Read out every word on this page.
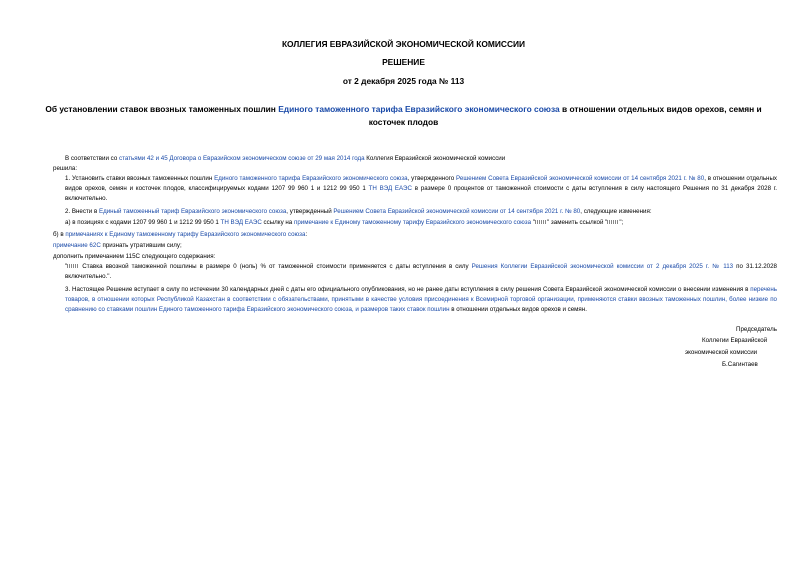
КОЛЛЕГИЯ ЕВРАЗИЙСКОЙ ЭКОНОМИЧЕСКОЙ КОМИССИИ
РЕШЕНИЕ
от 2 декабря 2025 года № 113
Об установлении ставок ввозных таможенных пошлин Единого таможенного тарифа Евразийского экономического союза в отношении отдельных видов орехов, семян и косточек плодов
В соответствии со статьями 42 и 45 Договора о Евразийском экономическом союзе от 29 мая 2014 года Коллегия Евразийской экономической комиссии
решила:
1. Установить ставки ввозных таможенных пошлин Единого таможенного тарифа Евразийского экономического союза, утвержденного Решением Совета Евразийской экономической комиссии от 14 сентября 2021 г. № 80, в отношении отдельных видов орехов, семян и косточек плодов, классифицируемых кодами 1207 99 960 1 и 1212 99 950 1 ТН ВЭД ЕАЭС в размере 0 процентов от таможенной стоимости с даты вступления в силу настоящего Решения по 31 декабря 2028 г. включительно.
2. Внести в Единый таможенный тариф Евразийского экономического союза, утвержденный Решением Совета Евразийской экономической комиссии от 14 сентября 2021 г. № 80, следующие изменения:
а) в позициях с кодами 1207 99 960 1 и 1212 99 950 1 ТН ВЭД ЕАЭС ссылку на примечание к Единому таможенному тарифу Евразийского экономического союза " " заменить ссылкой " ";
б) в примечаниях к Единому таможенному тарифу Евразийского экономического союза:
примечание 62С признать утратившим силу;
дополнить примечанием 115С следующего содержания:
" Ставка ввозной таможенной пошлины в размере 0 (ноль) % от таможенной стоимости применяется с даты вступления в силу Решения Коллегии Евразийской экономической комиссии от 2 декабря 2025 г. № 113 по 31.12.2028 включительно.".
3. Настоящее Решение вступает в силу по истечении 30 календарных дней с даты его официального опубликования, но не ранее даты вступления в силу решения Совета Евразийской экономической комиссии о внесении изменения в перечень товаров, в отношении которых Республикой Казахстан в соответствии с обязательствами, принятыми в качестве условия присоединения к Всемирной торговой организации, применяются ставки ввозных таможенных пошлин, более низкие по сравнению со ставками пошлин Единого таможенного тарифа Евразийского экономического союза, и размеров таких ставок пошлин в отношении отдельных видов орехов и семян.
Председатель
Коллегии Евразийской
экономической комиссии
Б.Сагинтаев
